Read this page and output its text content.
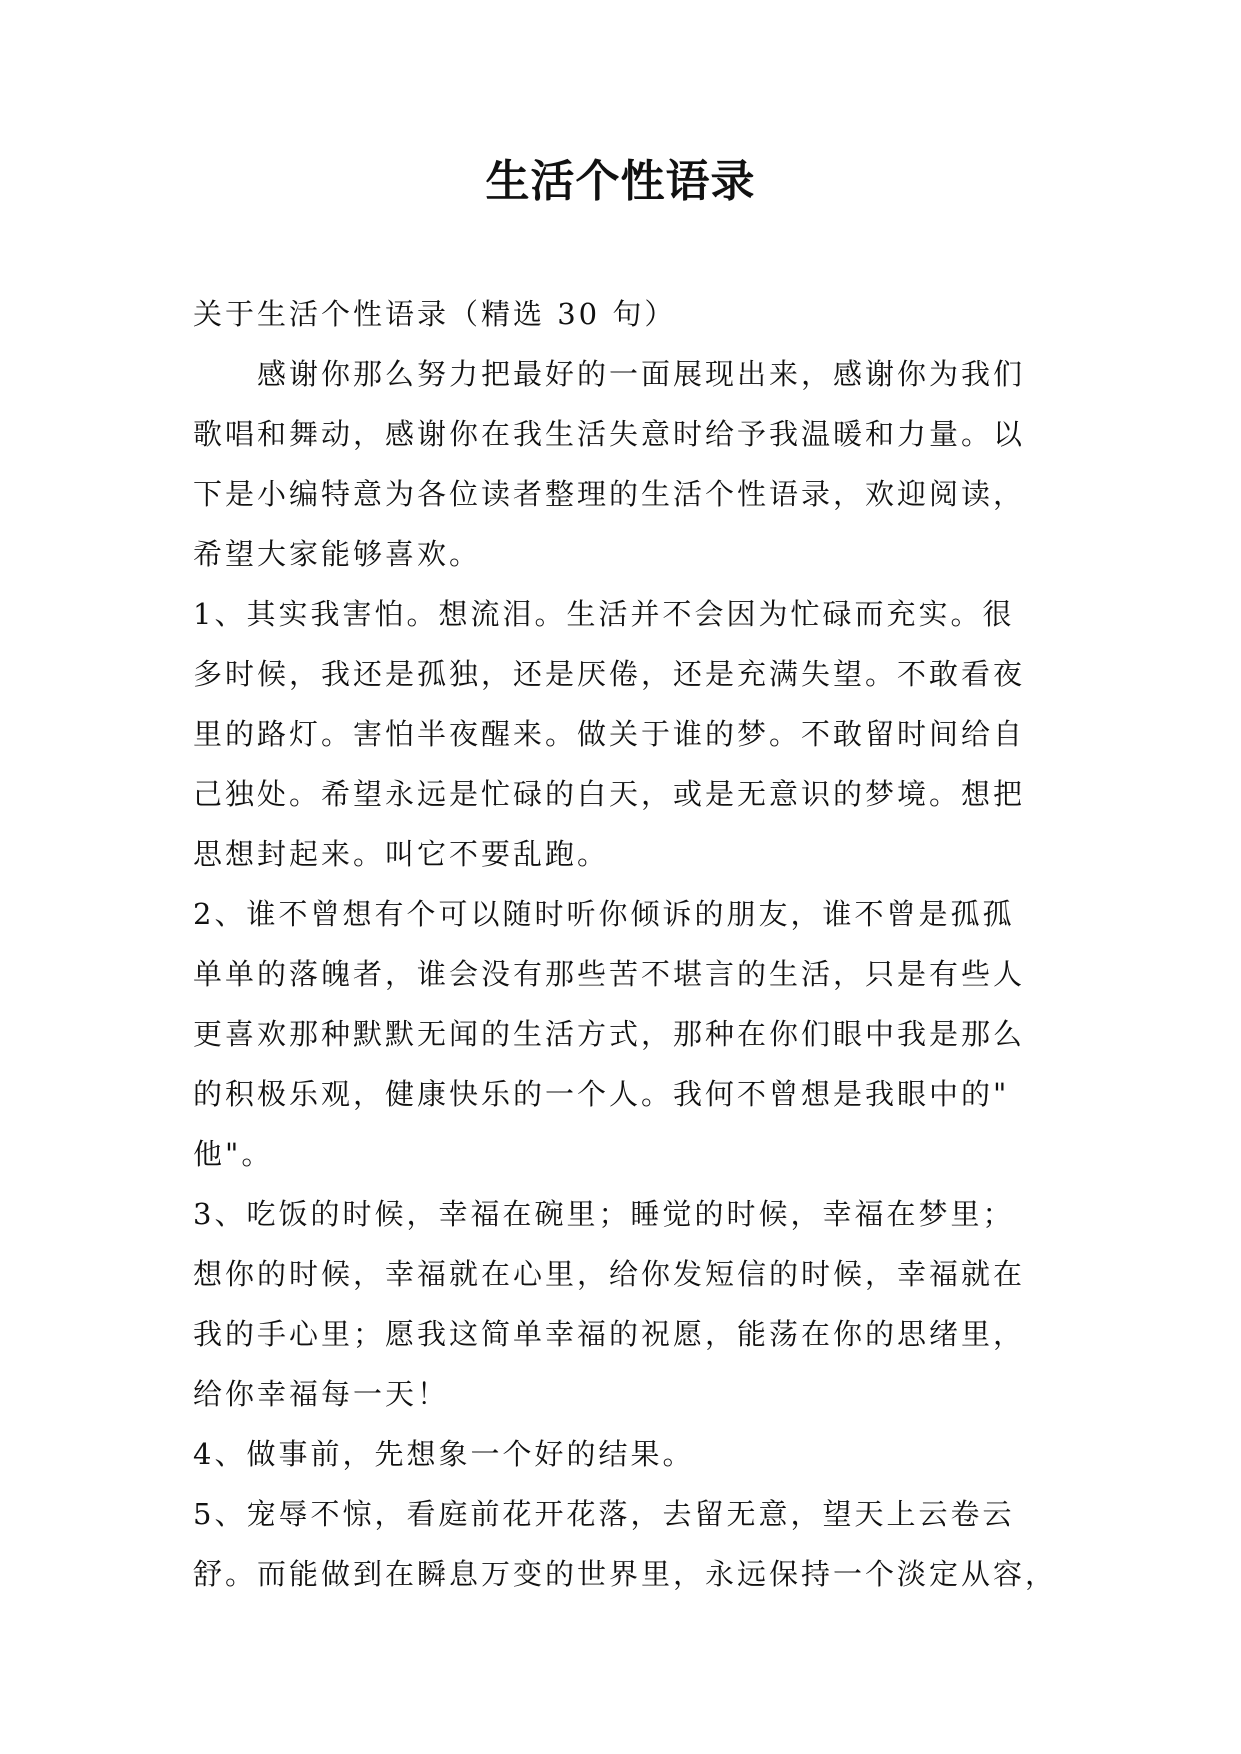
生活个性语录
关于生活个性语录（精选 30 句）
感谢你那么努力把最好的一面展现出来，感谢你为我们
歌唱和舞动，感谢你在我生活失意时给予我温暖和力量。以
下是小编特意为各位读者整理的生活个性语录，欢迎阅读，
希望大家能够喜欢。
1、其实我害怕。想流泪。生活并不会因为忙碌而充实。很
多时候，我还是孤独，还是厌倦，还是充满失望。不敢看夜
里的路灯。害怕半夜醒来。做关于谁的梦。不敢留时间给自
己独处。希望永远是忙碌的白天，或是无意识的梦境。想把
思想封起来。叫它不要乱跑。
2、谁不曾想有个可以随时听你倾诉的朋友，谁不曾是孤孤
单单的落魄者，谁会没有那些苦不堪言的生活，只是有些人
更喜欢那种默默无闻的生活方式，那种在你们眼中我是那么
的积极乐观，健康快乐的一个人。我何不曾想是我眼中的"
他"。
3、吃饭的时候，幸福在碗里；睡觉的时候，幸福在梦里；
想你的时候，幸福就在心里，给你发短信的时候，幸福就在
我的手心里；愿我这简单幸福的祝愿，能荡在你的思绪里，
给你幸福每一天！
4、做事前，先想象一个好的结果。
5、宠辱不惊，看庭前花开花落，去留无意，望天上云卷云
舒。而能做到在瞬息万变的世界里，永远保持一个淡定从容，
